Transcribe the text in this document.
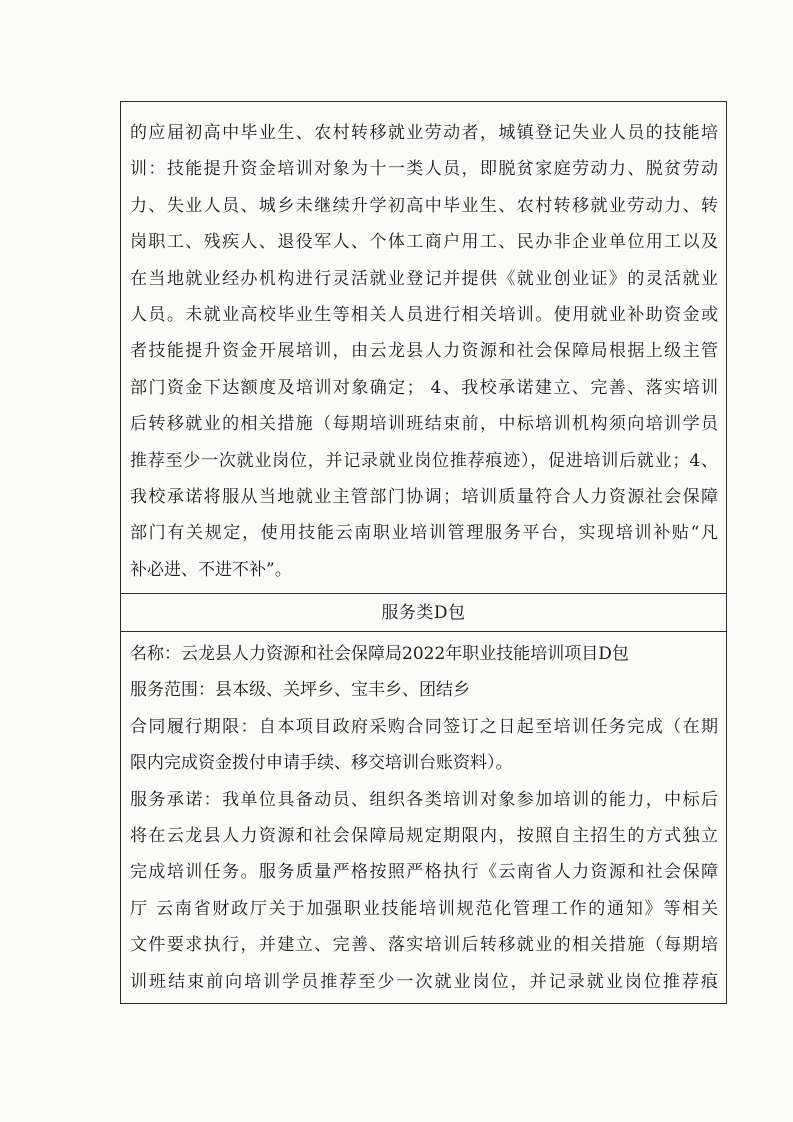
的应届初高中毕业生、农村转移就业劳动者，城镇登记失业人员的技能培
训：技能提升资金培训对象为十一类人员，即脱贫家庭劳动力、脱贫劳动
力、失业人员、城乡未继续升学初高中毕业生、农村转移就业劳动力、转
岗职工、残疾人、退役军人、个体工商户用工、民办非企业单位用工以及
在当地就业经办机构进行灵活就业登记并提供《就业创业证》的灵活就业
人员。未就业高校毕业生等相关人员进行相关培训。使用就业补助资金或
者技能提升资金开展培训，由云龙县人力资源和社会保障局根据上级主管
部门资金下达额度及培训对象确定； 4、我校承诺建立、完善、落实培训
后转移就业的相关措施（每期培训班结束前，中标培训机构须向培训学员
推荐至少一次就业岗位，并记录就业岗位推荐痕迹），促进培训后就业；4、
我校承诺将服从当地就业主管部门协调；培训质量符合人力资源社会保障
部门有关规定，使用技能云南职业培训管理服务平台，实现培训补贴“凡
补必进、不进不补”。
服务类D包
名称：云龙县人力资源和社会保障局2022年职业技能培训项目D包
服务范围：县本级、关坪乡、宝丰乡、团结乡
合同履行期限：自本项目政府采购合同签订之日起至培训任务完成（在期
限内完成资金拨付申请手续、移交培训台账资料）。
服务承诺：我单位具备动员、组织各类培训对象参加培训的能力，中标后
将在云龙县人力资源和社会保障局规定期限内，按照自主招生的方式独立
完成培训任务。服务质量严格按照严格执行《云南省人力资源和社会保障
厅 云南省财政厅关于加强职业技能培训规范化管理工作的通知》等相关
文件要求执行，并建立、完善、落实培训后转移就业的相关措施（每期培
训班结束前向培训学员推荐至少一次就业岗位，并记录就业岗位推荐痕
